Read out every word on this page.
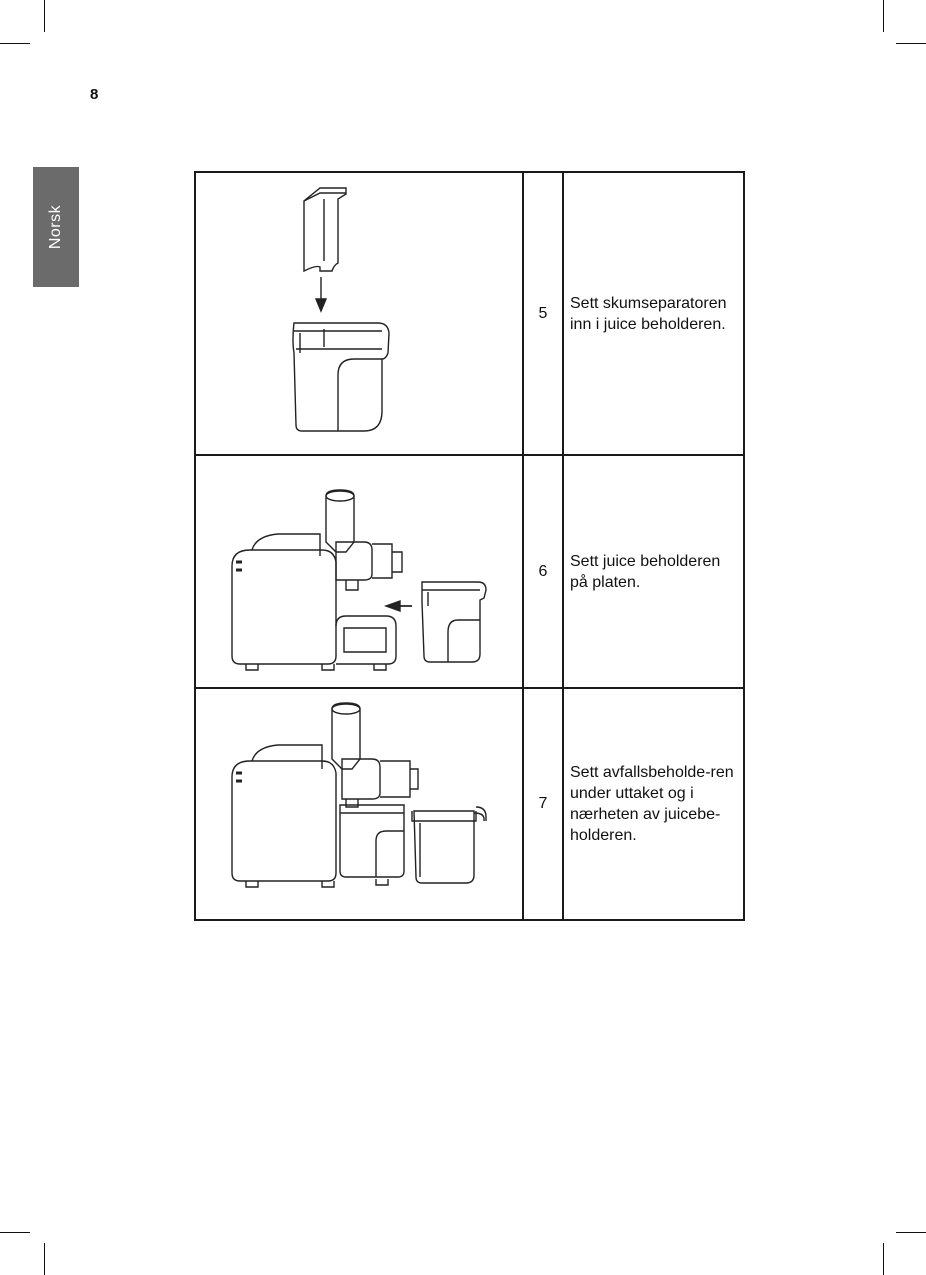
8
Norsk
	5	Sett skumseparatoren inn i juice beholderen.

	6	Sett juice beholderen på platen.

	7	Sett avfallsbeholde-ren under uttaket og i nærheten av juicebe-holderen.
